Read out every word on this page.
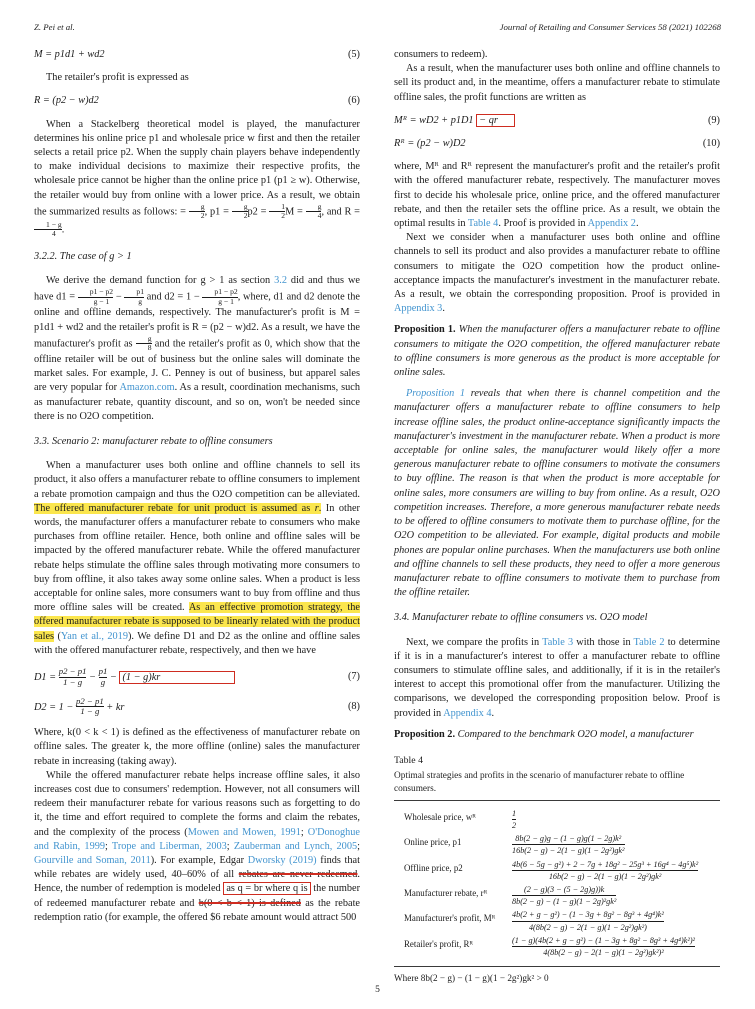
Z. Pei et al.	Journal of Retailing and Consumer Services 58 (2021) 102268
M = p1d1 + wd2	(5)

The retailer's profit is expressed as

R = (p2 − w)d2	(6)

When a Stackelberg theoretical model is played, the manufacturer determines his online price p1 and wholesale price w first and then the retailer selects a retail price p2. When the supply chain players behave independently to make individual decisions to maximize their respective profits, the wholesale price cannot be higher than the online price p1 (p1 ≥ w). Otherwise, the retailer would buy from online with a lower price. As a result, we obtain the summarized results as follows: = $\frac{g}{2}$ , $p1 = \frac{g}{2} p2 = \frac{1}{2}$ $M = \frac{g}{4}$ , and R =
$\frac{1 - g}{4}$ .

3.2.2. The case of g > 1

We derive the demand function for g > 1 as section 3.2 did and thus we have $d1 = \frac{p1 - p2}{g - 1} - \frac{p1}{g}$ and $d2 = 1 - \frac{p1 - p2}{g - 1}$ , where, d1 and d2 denote the online and offline demands, respectively. The manufacturer's profit is M = p1d1 + wd2 and the retailer's profit is R = (p2 − w)d2. As a result, we have the manufacturer's profit as $\frac{g}{8}$ and the retailer's profit as 0, which show that the offline retailer will be out of business but the online sales will dominate the market sales. For example, J. C. Penney is out of business, but apparel sales are very popular for Amazon.com. As a result, coordination mechanisms, such as manufacturer rebate, quantity discount, and so on, won't be needed since there is no O2O competition.

3.3. Scenario 2: manufacturer rebate to offline consumers

When a manufacturer uses both online and offline channels to sell its product, it also offers a manufacturer rebate to offline consumers to implement a rebate promotion campaign and thus the O2O competition can be alleviated. The offered manufacturer rebate for unit product is assumed as r. In other words, the manufacturer offers a manufacturer rebate to consumers who make purchases from offline retailer. Hence, both online and offline sales will be impacted by the offered manufacturer rebate. While the offered manufacturer rebate helps stimulate the offline sales through motivating more consumers to buy from offline, it also takes away some online sales. When a product is less acceptable for online sales, more consumers want to buy from offline and thus more offline sales will be created. As an effective promotion strategy, the offered manufacturer rebate is supposed to be linearly related with the product sales (Yan et al., 2019). We define D1 and D2 as the online and offline sales with the offered manufacturer rebate, respectively, and then we have

$D1 = \frac{p2 - p1}{1 - g} - \frac{p1}{g} - (1 - g)kr$	(7)
$D2 = 1 - \frac{p2 - p1}{1 - g}$ + kr	(8)

Where, k(0 < k < 1) is defined as the effectiveness of manufacturer rebate on offline sales. The greater k, the more offline (online) sales the manufacturer rebate in increasing (taking away).

While the offered manufacturer rebate helps increase offline sales, it also increases cost due to consumers' redemption. However, not all consumers will redeem their manufacturer rebate for various reasons such as forgetting to do it, the time and effort required to complete the forms and claim the rebates, and the complexity of the process (Mowen and Mowen, 1991; O'Donoghue and Rabin, 1999; Trope and Liberman, 2003; Zauberman and Lynch, 2005; Gourville and Soman, 2011). For example, Edgar Dworsky (2019) finds that while rebates are widely used, 40–60% of all rebates are never redeemed. Hence, the number of redemption is modeled as q = br where q is the number of redeemed manufacturer rebate and b(0 < b < 1) is defined as the rebate redemption ratio (for example, the offered $6 rebate amount would attract 500

consumers to redeem).

As a result, when the manufacturer uses both online and offline channels to sell its product and, in the meantime, offers a manufacturer rebate to stimulate offline sales, the profit functions are written as

Mᴿ = wD2 + p1D1 − qr	(9)
Rᴿ = (p2 − w)D2	(10)

where, Mᴿ and Rᴿ represent the manufacturer's profit and the retailer's profit with the offered manufacturer rebate, respectively. The manufacturer moves first to decide his wholesale price, online price, and the offered manufacturer rebate, and then the retailer sets the offline price. As a result, we obtain the optimal results in Table 4. Proof is provided in Appendix 2.

Next we consider when a manufacturer uses both online and offline channels to sell its product and also provides a manufacturer rebate to offline consumers to mitigate the O2O competition how the product online-acceptance impacts the manufacturer's investment in the manufacturer rebate. As a result, we obtain the corresponding proposition. Proof is provided in Appendix 3.

Proposition 1. When the manufacturer offers a manufacturer rebate to offline consumers to mitigate the O2O competition, the offered manufacturer rebate to offline consumers is more generous as the product is more acceptable for online sales.

Proposition 1 reveals that when there is channel competition and the manufacturer offers a manufacturer rebate to offline consumers to help increase offline sales, the product online-acceptance significantly impacts the manufacturer's investment in the manufacturer rebate. When a product is more acceptable for online sales, the manufacturer would likely offer a more generous manufacturer rebate to offline consumers to motivate the consumers to buy offline. The reason is that when the product is more acceptable for online sales, more consumers are willing to buy from online. As a result, O2O competition increases. Therefore, a more generous manufacturer rebate needs to be offered to offline consumers to motivate them to purchase offline, for the O2O competition to be alleviated. For example, digital products and mobile phones are popular online purchases. When the manufacturers use both online and offline channels to sell these products, they need to offer a more generous manufacturer rebate to offline consumers to motivate them to purchase from the offline retailer.

3.4. Manufacturer rebate to offline consumers vs. O2O model

Next, we compare the profits in Table 3 with those in Table 2 to determine if it is in a manufacturer's interest to offer a manufacturer rebate to offline consumers to stimulate offline sales, and additionally, if it is in the retailer's interest to accept this promotional offer from the manufacturer. Utilizing the comparisons, we developed the corresponding proposition below. Proof is provided in Appendix 4.

Proposition 2. Compared to the benchmark O2O model, a manufacturer
Table 4
Optimal strategies and profits in the scenario of manufacturer rebate to offline consumers.
Wholesale price, wᴿ	$\frac{1}{2}$
Online price, p1	$\frac{\text{8b(2 − g)g − (1 − g)g(1 − 2g)k²}}{\text{16b(2 − g) − 2(1 − g)(1 − 2g²)gk²}}$
Offline price, p2	$\frac{\text{4b(6 − 5g − g²) + 2 − 7g + 18g² − 25g³ + 16g⁴ − 4g⁵)k²}}{\text{16b(2 − g) − 2(1 − g)(1 − 2g²)gk²}}$
Manufacturer rebate, rᴿ	$\frac{(2 - g)(3 - (5 - 2g)g))k}{\text{8b(2 − g) − (1 − g)(1 − 2g)²gk²}}$
Manufacturer's profit, Mᴿ	$\frac{\text{4b(2 + g − g²) − (1 − 3g + 8g² − 8g³ + 4g⁴)k²}}{\text{4(8b(2 − g) − 2(1 − g)(1 − 2g²)gk²)}}$
Retailer's profit, Rᴿ	$\frac{\text{(1 − g)(4b(2 + g − g²) − (1 − 3g + 8g² − 8g³ + 4g⁴)k²)²}}{\text{4(8b(2 − g) − 2(1 − g)(1 − 2g²)gk²)²}}$
Where 8b(2 − g) − (1 − g)(1 − 2g²)gk² > 0
5
